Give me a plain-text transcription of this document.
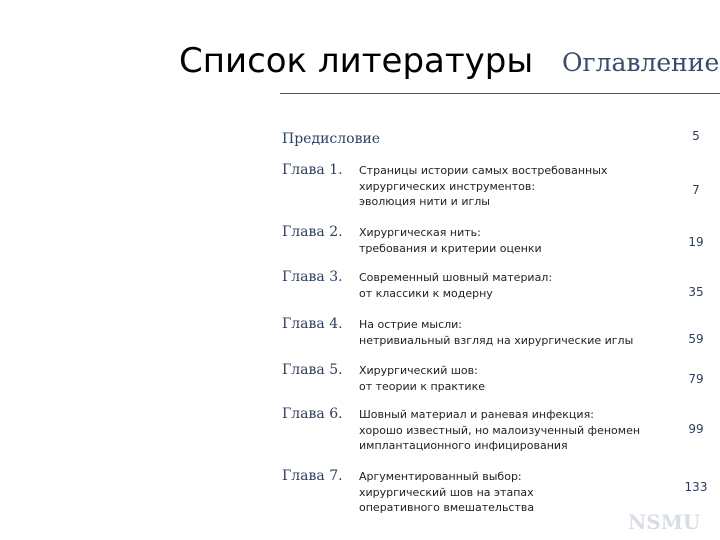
Список литературы Оглавление
Предисловие	5
Глава 1. Страницы истории самых востребованных
хирургических инструментов:
эволюция нити и иглы
7
Глава 2. Хирургическая нить:
требования и критерии оценки	19
Глава 3. Современный шовный материал:
от классики к модерну	35
Глава 4. На острие мысли:
нетривиальный взгляд на хирургические иглы	59
Глава 5. Хирургический шов:
от теории к практике	79
Глава 6. Шовный материал и раневая инфекция:
хорошо известный, но малоизученный феномен
имплантационного инфицирования
99
Глава 7. Аргументированный выбор:
хирургический шов на этапах
оперативного вмешательства
133
NSMU
